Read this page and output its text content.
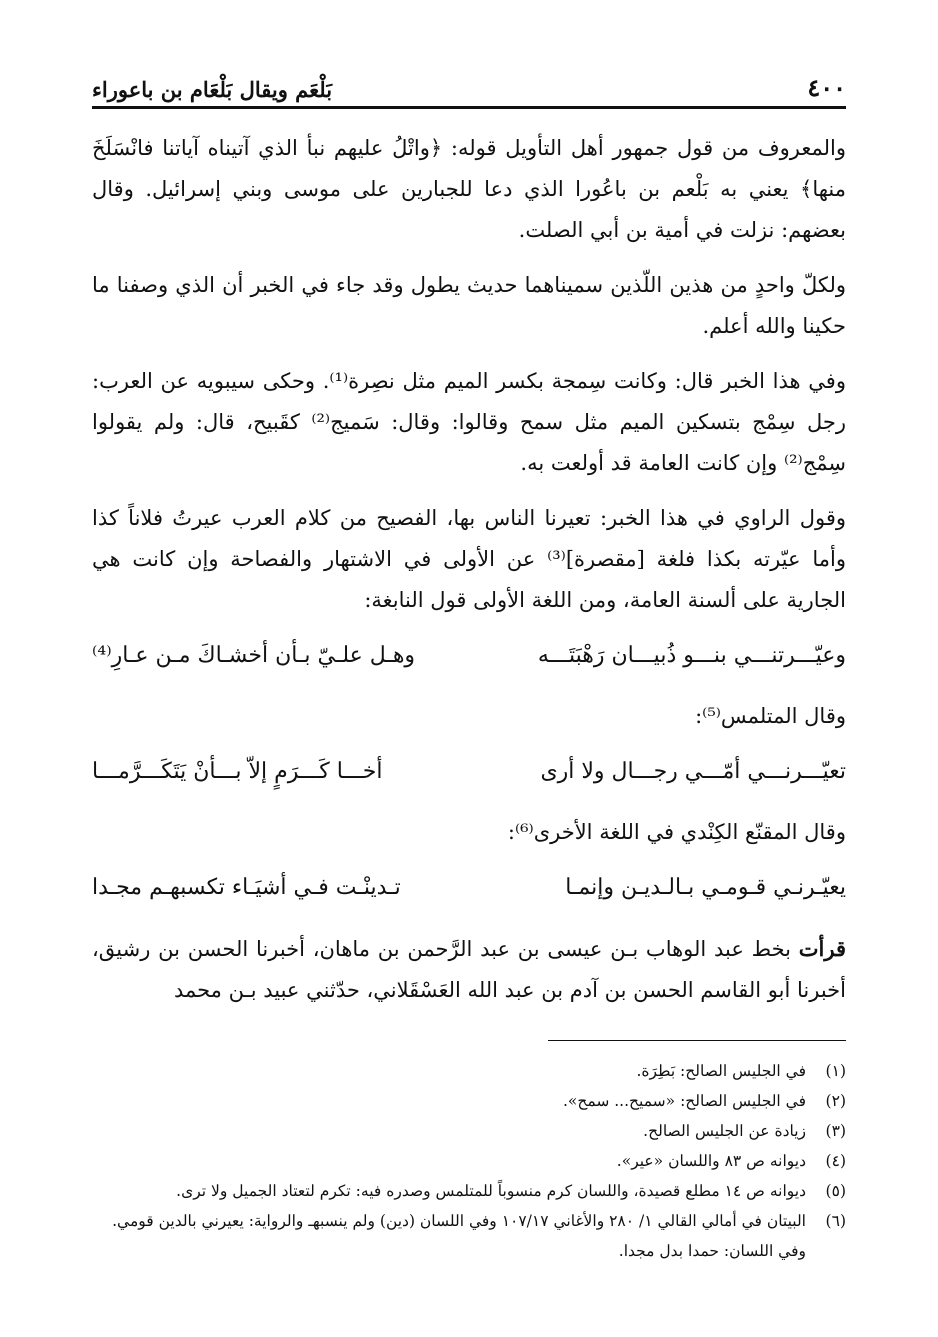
٤٠٠
بَلْعَم ويقال بَلْعَام بن باعوراء

والمعروف من قول جمهور أهل التأويل قوله: ﴿واتْلُ عليهم نبأ الذي آتيناه آياتنا فانْسَلَخَ منها﴾ يعني به بَلْعم بن باعُورا الذي دعا للجبارين على موسى وبني إسرائيل. وقال بعضهم: نزلت في أمية بن أبي الصلت.

ولكلّ واحدٍ من هذين اللّذين سميناهما حديث يطول وقد جاء في الخبر أن الذي وصفنا ما حكينا والله أعلم.

وفي هذا الخبر قال: وكانت سِمجة بكسر الميم مثل نصِرة⁽¹⁾. وحكى سيبويه عن العرب: رجل سِمْج بتسكين الميم مثل سمح وقالوا: وقال: سَميج⁽²⁾ كقَبيح، قال: ولم يقولوا سِمْج⁽²⁾ وإن كانت العامة قد أولعت به.

وقول الراوي في هذا الخبر: تعيرنا الناس بها، الفصيح من كلام العرب عيرتُ فلاناً كذا وأما عيّرته بكذا فلغة [مقصرة]⁽³⁾ عن الأولى في الاشتهار والفصاحة وإن كانت هي الجارية على ألسنة العامة، ومن اللغة الأولى قول النابغة:

وعيّـــرتنـــي بنـــو ذُبيـــان رَهْبَتَـــه
وهـل علـيّ بـأن أخشـاكَ مـن عـارِ⁽⁴⁾

وقال المتلمس⁽⁵⁾:

تعيّـــرنـــي أمّـــي رجـــال ولا أرى
أخـــا كَـــرَمٍ إلاّ بـــأنْ يَتَكَـــرَّمـــا

وقال المقنّع الكِنْدي في اللغة الأخرى⁽⁶⁾:

يعيّـرنـي قـومـي بـالـديـن وإنمـا
تـدينْـت فـي أشيَـاء تكسبهـم مجـدا

قرأت بخط عبد الوهاب بـن عيسى بن عبد الرَّحمن بن ماهان، أخبرنا الحسن بن رشيق، أخبرنا أبو القاسم الحسن بن آدم بن عبد الله العَسْقَلاني، حدّثني عبيد بـن محمد

(١)
في الجليس الصالح: بَطِرَة.
(٢)
في الجليس الصالح: «سميح... سمح».
(٣)
زيادة عن الجليس الصالح.
(٤)
ديوانه ص ٨٣ واللسان «عير».
(٥)
ديوانه ص ١٤ مطلع قصيدة، واللسان كرم منسوباً للمتلمس وصدره فيه: تكرم لتعتاد الجميل ولا ترى.
(٦)
البيتان في أمالي القالي ١/ ٢٨٠ والأغاني ١٠٧/١٧ وفي اللسان (دين) ولم ينسبهـ والرواية: يعيرني بالدين قومي. وفي اللسان: حمدا بدل مجدا.
